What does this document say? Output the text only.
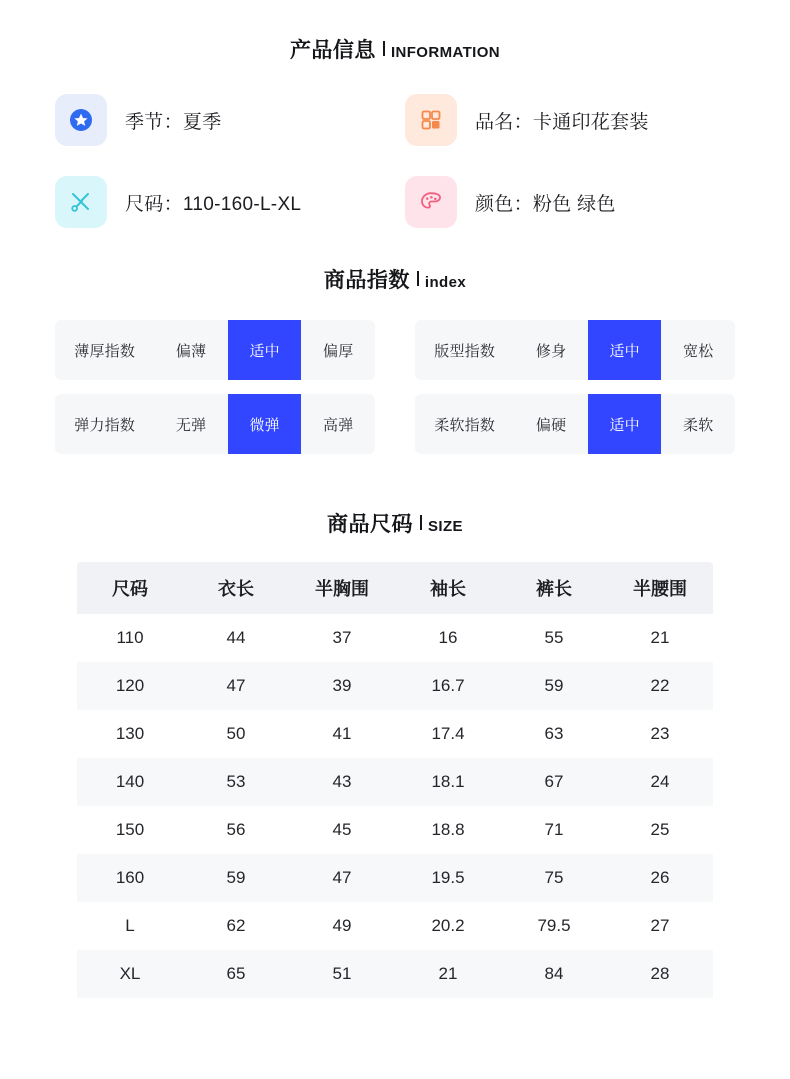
产品信息 INFORMATION
季节：夏季	品名：卡通印花套装
尺码：110-160-L-XL	颜色：粉色 绿色
商品指数 index
薄厚指数	偏薄	适中	偏厚	版型指数	修身	适中	宽松
弹力指数	无弹	微弹	高弹	柔软指数	偏硬	适中	柔软
商品尺码 SIZE
尺码	衣长	半胸围	袖长	裤长	半腰围
110	44	37	16	55	21
120	47	39	16.7	59	22
130	50	41	17.4	63	23
140	53	43	18.1	67	24
150	56	45	18.8	71	25
160	59	47	19.5	75	26
L	62	49	20.2	79.5	27
XL	65	51	21	84	28
